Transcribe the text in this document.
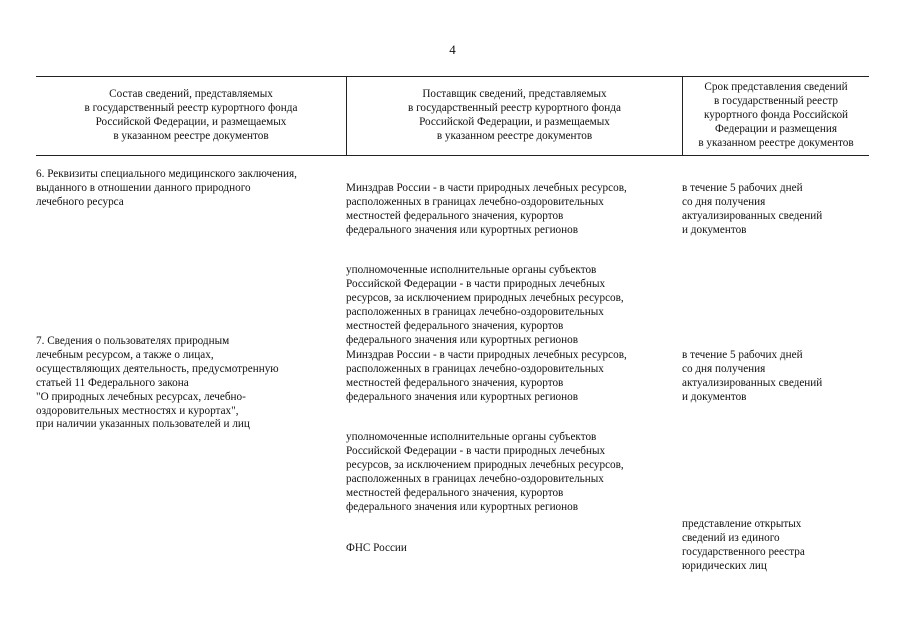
4
Состав сведений, представляемых
в государственный реестр курортного фонда
Российской Федерации, и размещаемых
в указанном реестре документов
Поставщик сведений, представляемых
в государственный реестр курортного фонда
Российской Федерации, и размещаемых
в указанном реестре документов
Срок представления сведений
в государственный реестр
курортного фонда Российской
Федерации и размещения
в указанном реестре документов
6. Реквизиты специального медицинского заключения,
выданного в отношении данного природного
лечебного ресурса

Минздрав России - в части природных лечебных ресурсов,
расположенных в границах лечебно-оздоровительных
местностей федерального значения, курортов
федерального значения или курортных регионов

уполномоченные исполнительные органы субъектов
Российской Федерации - в части природных лечебных
ресурсов, за исключением природных лечебных ресурсов,
расположенных в границах лечебно-оздоровительных
местностей федерального значения, курортов
федерального значения или курортных регионов

в течение 5 рабочих дней
со дня получения
актуализированных сведений
и документов

7. Сведения о пользователях природным
лечебным ресурсом, а также о лицах,
осуществляющих деятельность, предусмотренную
статьей 11 Федерального закона
"О природных лечебных ресурсах, лечебно-
оздоровительных местностях и курортах",
при наличии указанных пользователей и лиц

Минздрав России - в части природных лечебных ресурсов,
расположенных в границах лечебно-оздоровительных
местностей федерального значения, курортов
федерального значения или курортных регионов

уполномоченные исполнительные органы субъектов
Российской Федерации - в части природных лечебных
ресурсов, за исключением природных лечебных ресурсов,
расположенных в границах лечебно-оздоровительных
местностей федерального значения, курортов
федерального значения или курортных регионов

ФНС России

в течение 5 рабочих дней
со дня получения
актуализированных сведений
и документов

представление открытых
сведений из единого
государственного реестра
юридических лиц
